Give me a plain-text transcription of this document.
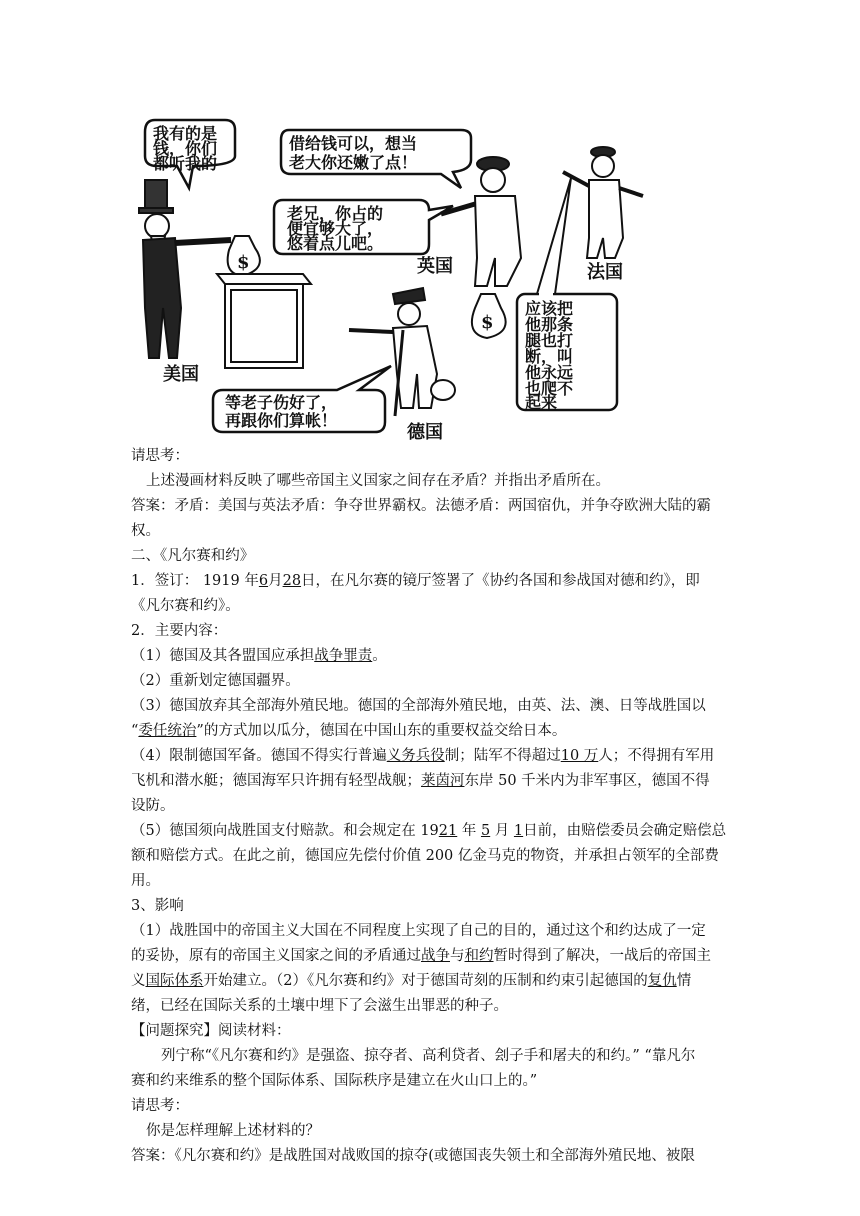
我有的是
钱，你们
都听我的
借给钱可以，想当
老大你还嫩了点！
老兄，你占的
便宜够大了，
悠着点儿吧。
应该把
他那条
腿也打
断，叫
他永远
也爬不
起来
等老子伤好了，
再跟你们算帐！
$
美国
英国	法国
$
德国
请思考：
上述漫画材料反映了哪些帝国主义国家之间存在矛盾？并指出矛盾所在。
答案：矛盾：美国与英法矛盾：争夺世界霸权。法德矛盾：两国宿仇，并争夺欧洲大陆的霸
权。
二、《凡尔赛和约》
1．签订： 1919 年6月28日，在凡尔赛的镜厅签署了《协约各国和参战国对德和约》，即
《凡尔赛和约》。
2．主要内容：
（1）德国及其各盟国应承担战争罪责。
（2）重新划定德国疆界。
（3）德国放弃其全部海外殖民地。德国的全部海外殖民地，由英、法、澳、日等战胜国以
“委任统治”的方式加以瓜分，德国在中国山东的重要权益交给日本。
（4）限制德国军备。德国不得实行普遍义务兵役制；陆军不得超过10 万人；不得拥有军用
飞机和潜水艇；德国海军只许拥有轻型战舰；莱茵河东岸 50 千米内为非军事区，德国不得
设防。
（5）德国须向战胜国支付赔款。和会规定在 1921 年 5 月 1日前，由赔偿委员会确定赔偿总
额和赔偿方式。在此之前，德国应先偿付价值 200 亿金马克的物资，并承担占领军的全部费
用。
3、影响
（1）战胜国中的帝国主义大国在不同程度上实现了自己的目的，通过这个和约达成了一定
的妥协，原有的帝国主义国家之间的矛盾通过战争与和约暂时得到了解决，一战后的帝国主
义国际体系开始建立。（2）《凡尔赛和约》对于德国苛刻的压制和约束引起德国的复仇情
绪，已经在国际关系的土壤中埋下了会滋生出罪恶的种子。
【问题探究】阅读材料：
列宁称“《凡尔赛和约》是强盗、掠夺者、高利贷者、刽子手和屠夫的和约。” “靠凡尔
赛和约来维系的整个国际体系、国际秩序是建立在火山口上的。”
请思考：
你是怎样理解上述材料的？
答案：《凡尔赛和约》是战胜国对战败国的掠夺(或德国丧失领土和全部海外殖民地、被限
